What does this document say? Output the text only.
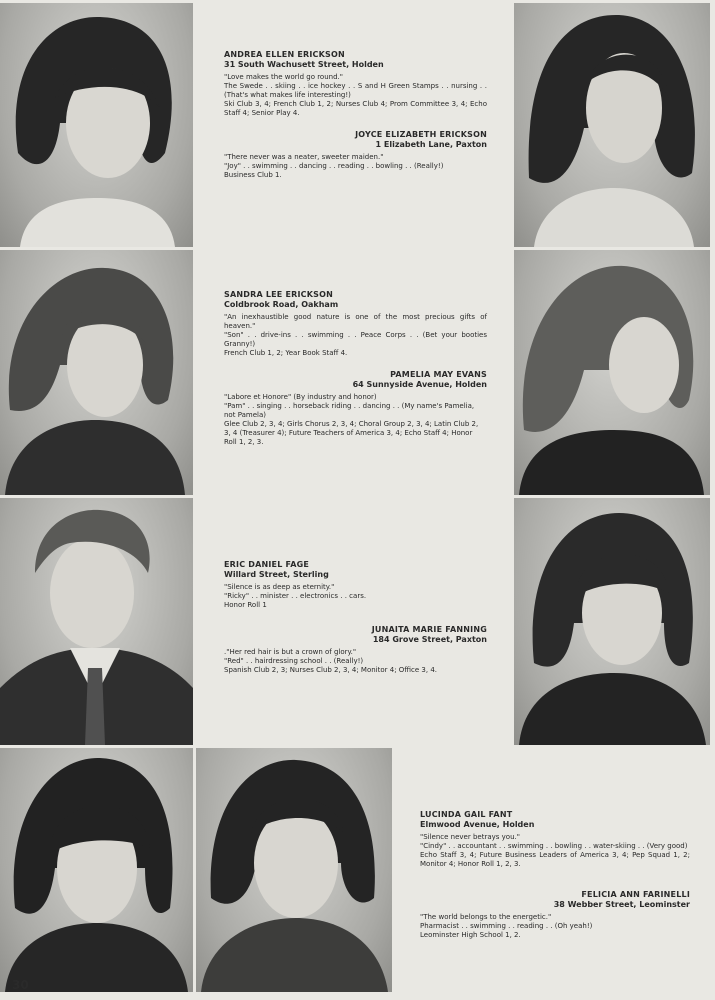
ANDREA ELLEN ERICKSON
31 South Wachusett Street, Holden

"Love makes the world go round."

The Swede . . skiing . . ice hockey . . S and H Green Stamps . . nursing . . (That's what makes life interesting!)

Ski Club 3, 4; French Club 1, 2; Nurses Club 4; Prom Committee 3, 4; Echo Staff 4; Senior Play 4.

JOYCE ELIZABETH ERICKSON
1 Elizabeth Lane, Paxton

"There never was a neater, sweeter maiden."

"Joy" . . swimming . . dancing . . reading . . bowling . . (Really!)

Business Club 1.

SANDRA LEE ERICKSON
Coldbrook Road, Oakham

"An inexhaustible good nature is one of the most precious gifts of heaven."

"Son" . . drive-ins . . swimming . . Peace Corps . . (Bet your booties Granny!)

French Club 1, 2; Year Book Staff 4.

PAMELIA MAY EVANS
64 Sunnyside Avenue, Holden

"Labore et Honore" (By industry and honor)

"Pam" . . singing . . horseback riding . . dancing . . (My name's Pamelia, not Pamela)

Glee Club 2, 3, 4; Girls Chorus 2, 3, 4; Choral Group 2, 3, 4; Latin Club 2, 3, 4 (Treasurer 4); Future Teachers of America 3, 4; Echo Staff 4; Honor Roll 1, 2, 3.

ERIC DANIEL FAGE
Willard Street, Sterling

"Silence is as deep as eternity."

"Ricky" . . minister . . electronics . . cars.

Honor Roll 1

JUNAITA MARIE FANNING
184 Grove Street, Paxton

."Her red hair is but a crown of glory."

"Red" . . hairdressing school . . (Really!)

Spanish Club 2, 3; Nurses Club 2, 3, 4; Monitor 4; Office 3, 4.

LUCINDA GAIL FANT
Elmwood Avenue, Holden

"Silence never betrays you."

"Cindy" . . accountant . . swimming . . bowling . . water-skiing . . (Very good)

Echo Staff 3, 4; Future Business Leaders of America 3, 4; Pep Squad 1, 2; Monitor 4; Honor Roll 1, 2, 3.

FELICIA ANN FARINELLI
38 Webber Street, Leominster

"The world belongs to the energetic."

Pharmacist . . swimming . . reading . . (Oh yeah!)

Leominster High School 1, 2.

30
